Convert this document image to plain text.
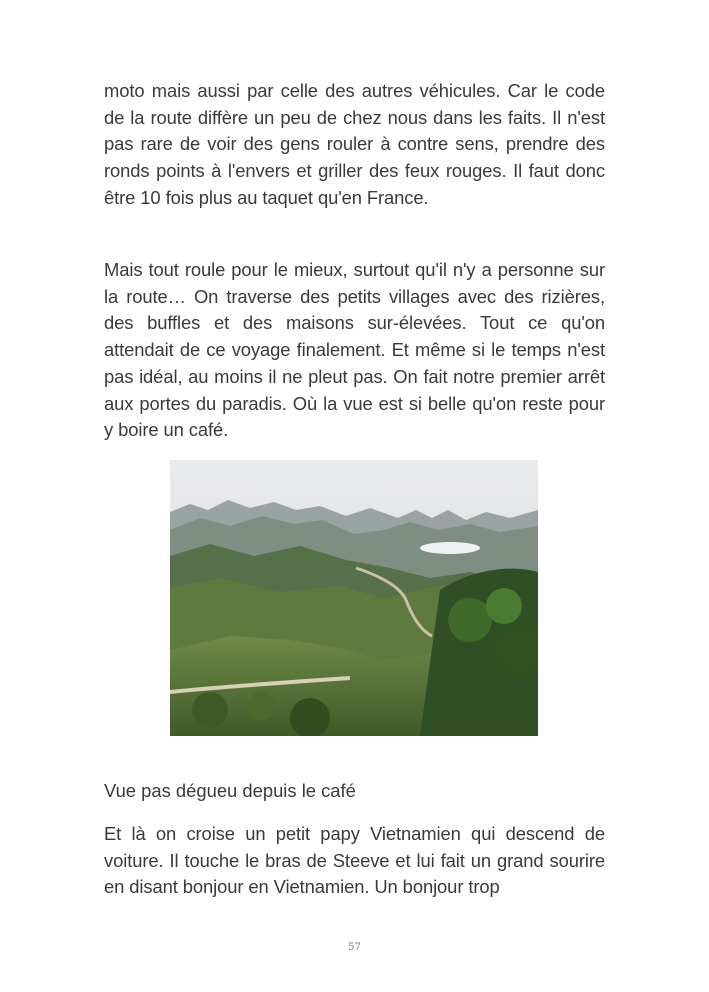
moto mais aussi par celle des autres véhicules. Car le code de la route diffère un peu de chez nous dans les faits. Il n'est pas rare de voir des gens rouler à contre sens, prendre des ronds points à l'envers et griller des feux rouges. Il faut donc être 10 fois plus au taquet qu'en France.

Mais tout roule pour le mieux, surtout qu'il n'y a personne sur la route… On traverse des petits villages avec des rizières, des buffles et des maisons sur-élevées. Tout ce qu'on attendait de ce voyage finalement. Et même si le temps n'est pas idéal, au moins il ne pleut pas. On fait notre premier arrêt aux portes du paradis. Où la vue est si belle qu'on reste pour y boire un café.

Vue pas dégueu depuis le café

Et là on croise un petit papy Vietnamien qui descend de voiture. Il touche le bras de Steeve et lui fait un grand sourire en disant bonjour en Vietnamien. Un bonjour trop

57
